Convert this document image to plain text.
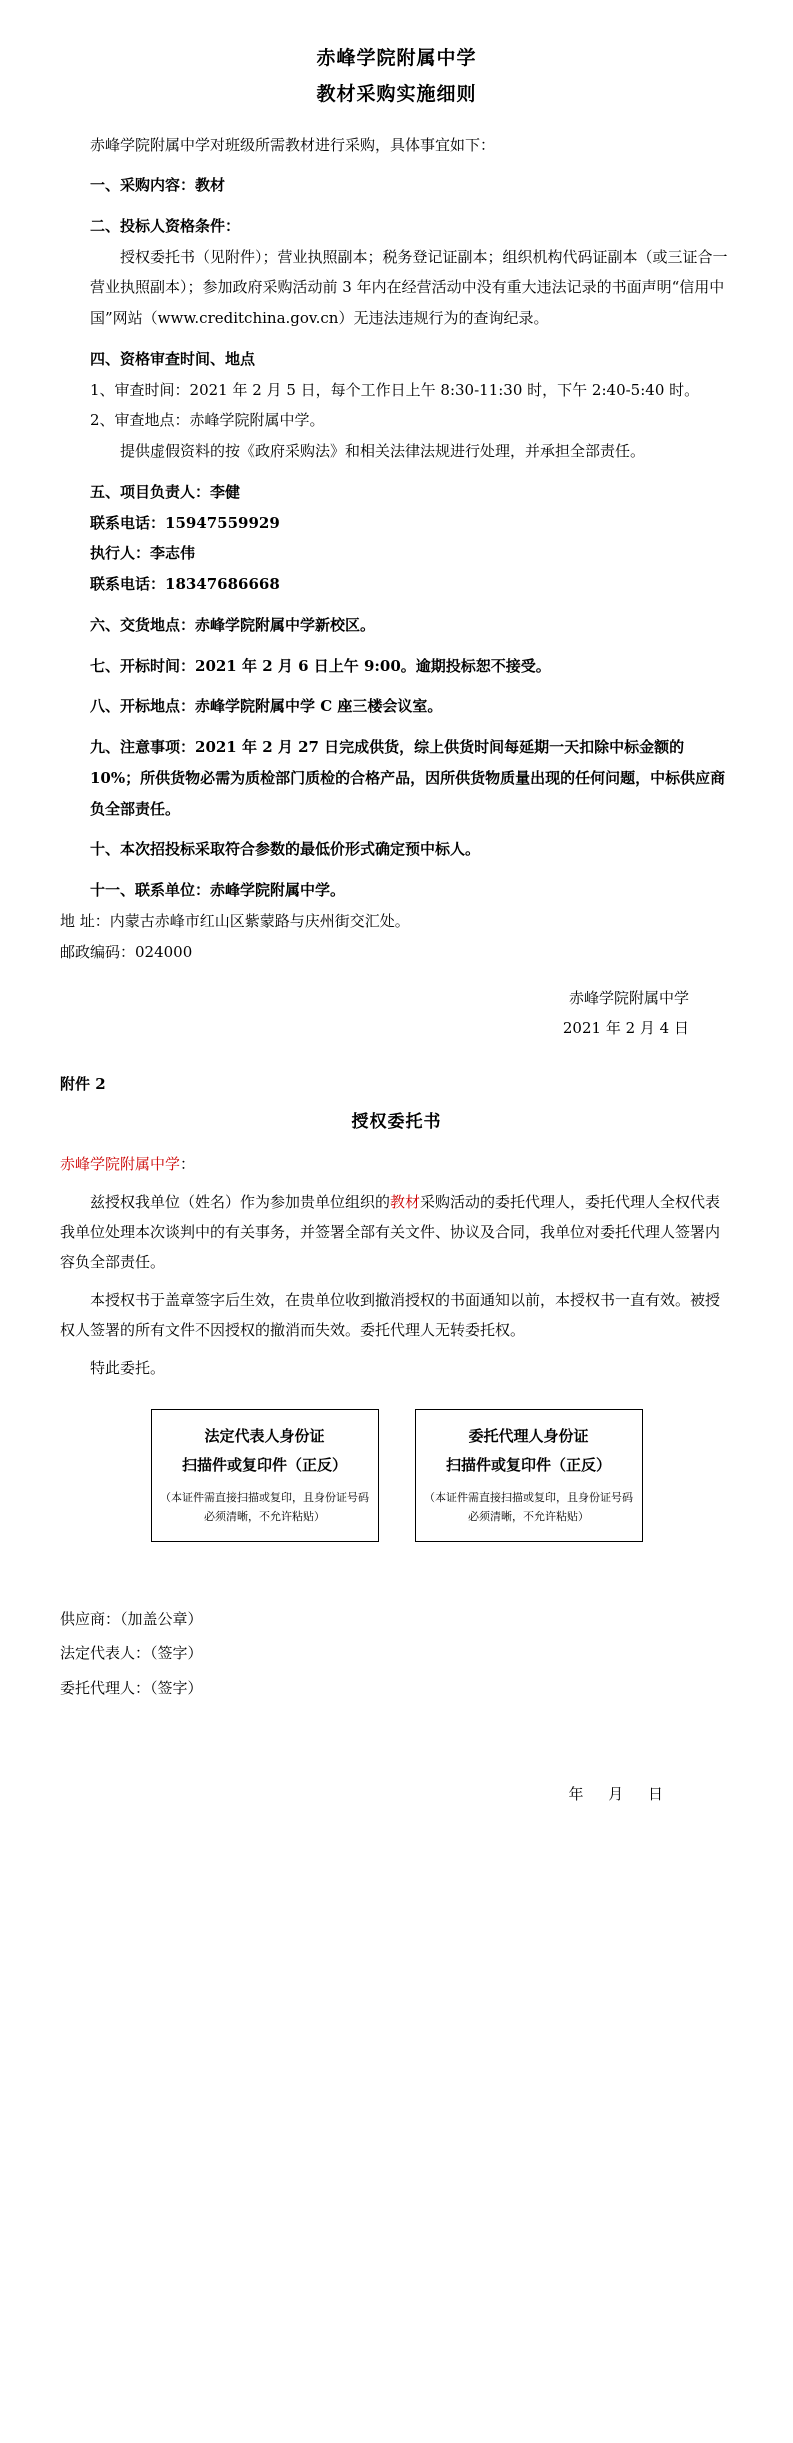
赤峰学院附属中学
教材采购实施细则
赤峰学院附属中学对班级所需教材进行采购，具体事宜如下：
一、采购内容：教材
二、投标人资格条件：
授权委托书（见附件）；营业执照副本；税务登记证副本；组织机构代码证副本（或三证合一营业执照副本）；参加政府采购活动前 3 年内在经营活动中没有重大违法记录的书面声明“信用中国”网站（www.creditchina.gov.cn）无违法违规行为的查询纪录。
四、资格审查时间、地点
1、审查时间：2021 年 2 月 5 日，每个工作日上午 8:30-11:30 时，下午 2:40-5:40 时。
2、审查地点：赤峰学院附属中学。
提供虚假资料的按《政府采购法》和相关法律法规进行处理，并承担全部责任。
五、项目负责人：李健
联系电话：15947559929
执行人：李志伟
联系电话：18347686668
六、交货地点：赤峰学院附属中学新校区。
七、开标时间：2021 年 2 月 6 日上午 9:00。逾期投标恕不接受。
八、开标地点：赤峰学院附属中学 C 座三楼会议室。
九、注意事项：2021 年 2 月 27 日完成供货，综上供货时间每延期一天扣除中标金额的 10%；所供货物必需为质检部门质检的合格产品，因所供货物质量出现的任何问题，中标供应商负全部责任。
十、本次招投标采取符合参数的最低价形式确定预中标人。
十一、联系单位：赤峰学院附属中学。
地 址：内蒙古赤峰市红山区紫蒙路与庆州街交汇处。
邮政编码：024000
赤峰学院附属中学
2021 年 2 月 4 日
附件 2
授权委托书
赤峰学院附属中学：
兹授权我单位（姓名）作为参加贵单位组织的教材采购活动的委托代理人，委托代理人全权代表我单位处理本次谈判中的有关事务，并签署全部有关文件、协议及合同，我单位对委托代理人签署内容负全部责任。
本授权书于盖章签字后生效，在贵单位收到撤消授权的书面通知以前，本授权书一直有效。被授权人签署的所有文件不因授权的撤消而失效。委托代理人无转委托权。
特此委托。
法定代表人身份证
扫描件或复印件（正反）
（本证件需直接扫描或复印，且身份证号码必须清晰，不允许粘贴）
委托代理人身份证
扫描件或复印件（正反）
（本证件需直接扫描或复印，且身份证号码必须清晰，不允许粘贴）
供应商：（加盖公章）
法定代表人：（签字）
委托代理人：（签字）
年 月 日
